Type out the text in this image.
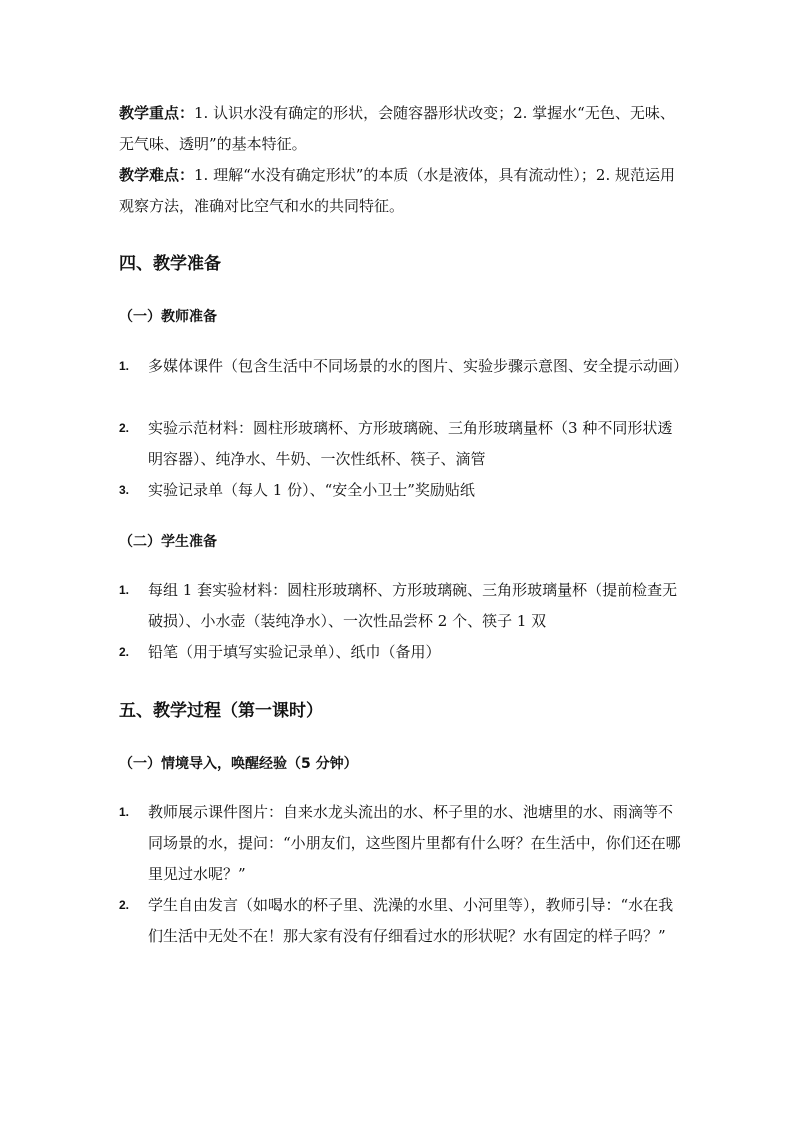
教学重点：1. 认识水没有确定的形状，会随容器形状改变；2. 掌握水“无色、无味、无气味、透明”的基本特征。
教学难点：1. 理解“水没有确定形状”的本质（水是液体，具有流动性）；2. 规范运用观察方法，准确对比空气和水的共同特征。
四、教学准备
（一）教师准备
1. 多媒体课件（包含生活中不同场景的水的图片、实验步骤示意图、安全提示动画）
2. 实验示范材料：圆柱形玻璃杯、方形玻璃碗、三角形玻璃量杯（3 种不同形状透明容器）、纯净水、牛奶、一次性纸杯、筷子、滴管
3. 实验记录单（每人 1 份）、“安全小卫士”奖励贴纸
（二）学生准备
1. 每组 1 套实验材料：圆柱形玻璃杯、方形玻璃碗、三角形玻璃量杯（提前检查无破损）、小水壶（装纯净水）、一次性品尝杯 2 个、筷子 1 双
2. 铅笔（用于填写实验记录单）、纸巾（备用）
五、教学过程（第一课时）
（一）情境导入，唤醒经验（5 分钟）
1. 教师展示课件图片：自来水龙头流出的水、杯子里的水、池塘里的水、雨滴等不同场景的水，提问：“小朋友们，这些图片里都有什么呀？在生活中，你们还在哪里见过水呢？”
2. 学生自由发言（如喝水的杯子里、洗澡的水里、小河里等），教师引导：“水在我们生活中无处不在！那大家有没有仔细看过水的形状呢？水有固定的样子吗？”
